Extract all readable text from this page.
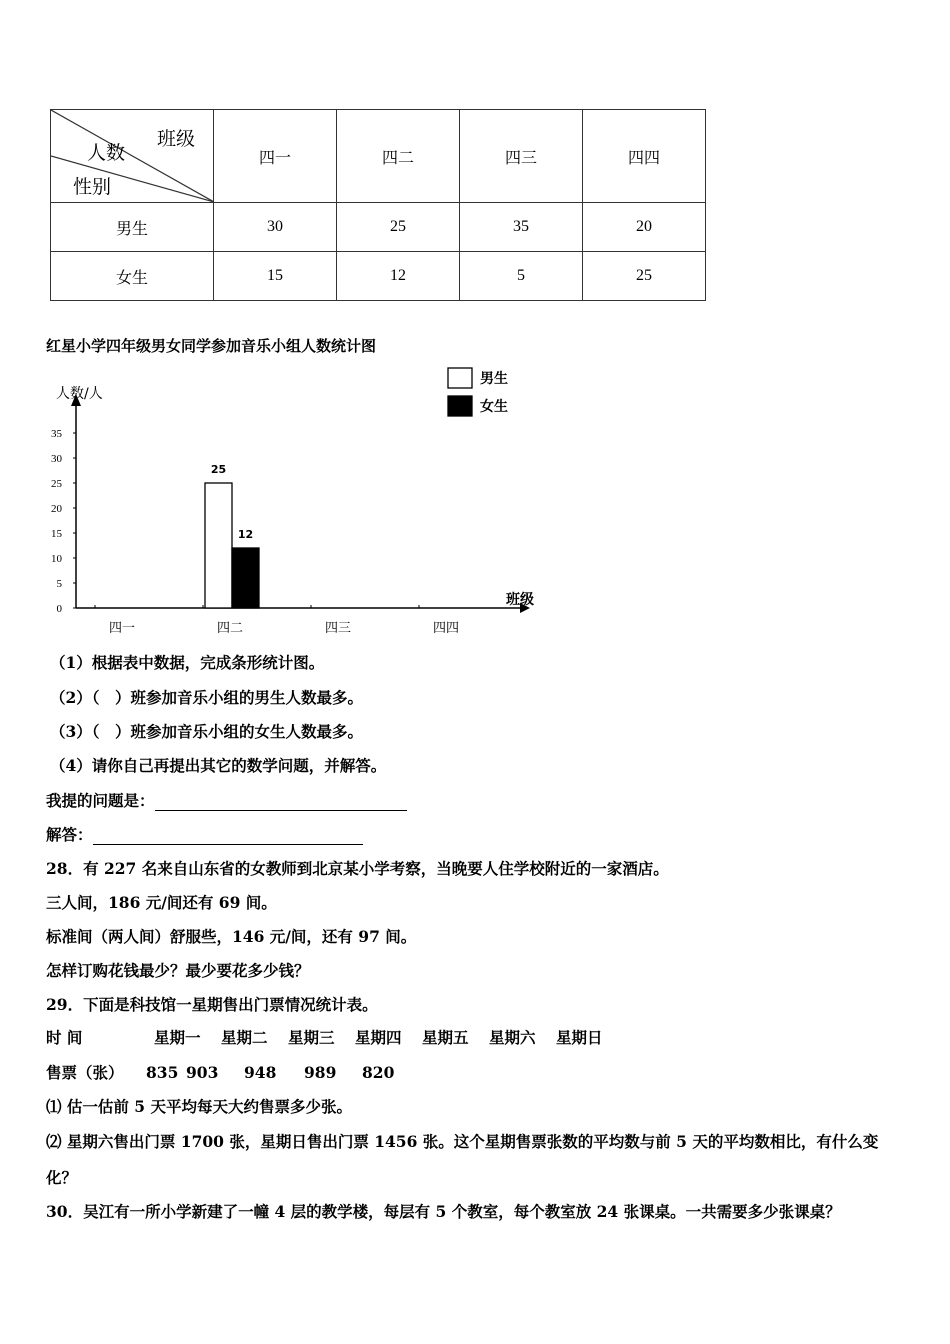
班级
人数
性别	四一	四二	四三	四四
男生	30	25	35	20
女生	15	12	5	25
红星小学四年级男女同学参加音乐小组人数统计图
人数/人
班级
0
5
10
15
20
25
30
35
四一	四二	四三	四四
25
12
男生
女生
（1）根据表中数据，完成条形统计图。
（2）（　）班参加音乐小组的男生人数最多。
（3）（　）班参加音乐小组的女生人数最多。
（4）请你自己再提出其它的数学问题，并解答。
我提的问题是：
解答：
28．有 227 名来自山东省的女教师到北京某小学考察，当晚要人住学校附近的一家酒店。
三人间，186 元/间还有 69 间。
标准间（两人间）舒服些，146 元/间，还有 97 间。
怎样订购花钱最少？最少要花多少钱？
29．下面是科技馆一星期售出门票情况统计表。
时 间	星期一 星期二 星期三 星期四 星期五 星期六 星期日
售票（张） 835 903 948 989 820
⑴ 估一估前 5 天平均每天大约售票多少张。
⑵ 星期六售出门票 1700 张，星期日售出门票 1456 张。这个星期售票张数的平均数与前 5 天的平均数相比，有什么变
化？
30．吴江有一所小学新建了一幢 4 层的教学楼，每层有 5 个教室，每个教室放 24 张课桌。一共需要多少张课桌？
